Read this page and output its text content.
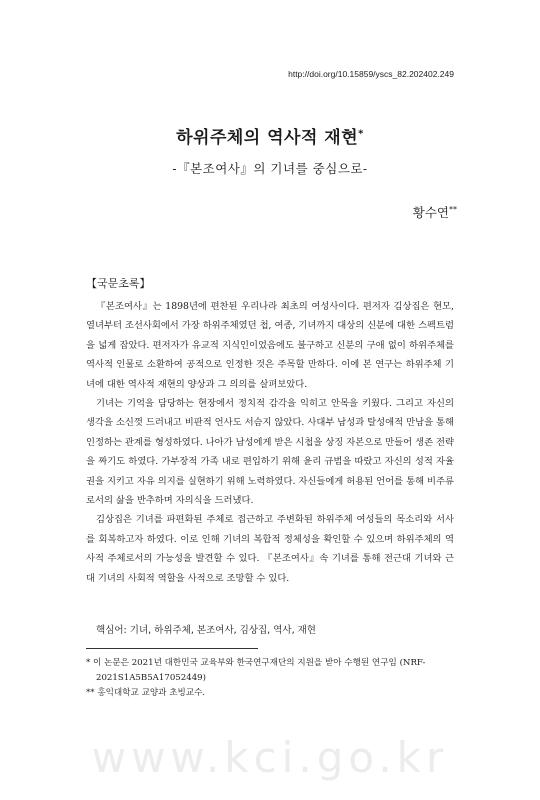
http://doi.org/10.15859/yscs_82.202402.249
하위주체의 역사적 재현*
-『본조여사』의 기녀를 중심으로-
황수연**
【국문초록】

『본조여사』는 1898년에 편찬된 우리나라 최초의 여성사이다. 편저자 김상집은 현모, 열녀부터 조선사회에서 가장 하위주체였던 첩, 여종, 기녀까지 대상의 신분에 대한 스펙트럼을 넓게 잡았다. 편저자가 유교적 지식인이었음에도 불구하고 신분의 구애 없이 하위주체를 역사적 인물로 소환하여 공적으로 인정한 것은 주목할 만하다. 이에 본 연구는 하위주체 기녀에 대한 역사적 재현의 양상과 그 의의를 살펴보았다.

기녀는 기억을 담당하는 현장에서 정치적 감각을 익히고 안목을 키웠다. 그리고 자신의 생각을 소신껏 드러내고 비판적 언사도 서슴지 않았다. 사대부 남성과 탈성애적 만남을 통해 인정하는 관계를 형성하였다. 나아가 남성에게 받은 시첩을 상징 자본으로 만들어 생존 전략을 짜기도 하였다. 가부장적 가족 내로 편입하기 위해 윤리 규범을 따랐고 자신의 성적 자율권을 지키고 자유 의지를 실현하기 위해 노력하였다. 자신들에게 허용된 언어를 통해 비주류로서의 삶을 반추하며 자의식을 드러냈다.

김상집은 기녀를 파편화된 주체로 접근하고 주변화된 하위주체 여성들의 목소리와 서사를 회복하고자 하였다. 이로 인해 기녀의 복합적 정체성을 확인할 수 있으며 하위주체의 역사적 주체로서의 가능성을 발견할 수 있다. 『본조여사』속 기녀를 통해 전근대 기녀와 근대 기녀의 사회적 역할을 사적으로 조망할 수 있다.

핵심어: 기녀, 하위주체, 본조여사, 김상집, 역사, 재현

* 이 논문은 2021년 대한민국 교육부와 한국연구재단의 지원을 받아 수행된 연구임 (NRF-2021S1A5B5A17052449)

** 홍익대학교 교양과 초빙교수.

www.kci.go.kr
